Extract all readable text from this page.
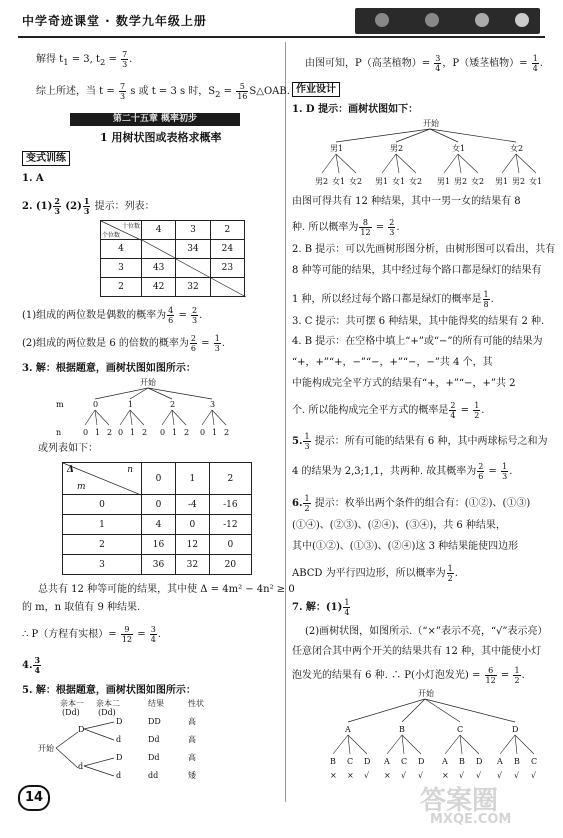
中学奇迹课堂 · 数学九年级上册
解得 $t_1 = 3$, $t_2 = \frac{7}{3}$ .
综上所述，当 $t = \frac{7}{3}$ s 或 t = 3 s 时，$S_2 = \frac{5}{16}$ S△OAB.
第二十五章 概率初步
1 用树状图或表格求概率
变式训练
1. A
2. $(1) \frac{2}{3} (2) \frac{1}{3}$ 提示：列表：
十位数
个位数	4	3	2
4		34	24
3	43		23
2	42	32	
(1)组成的两位数是偶数的概率为 $\frac{4}{6} = \frac{2}{3}$ .
(2)组成的两位数是 6 的倍数的概率为 $\frac{2}{6} = \frac{1}{3}$ .
3. 解：根据题意，画树状图如图所示：
开始
m
n
0	1	2	3
0 1 2 0 1 2 0 1 2 0 1 2
或列表如下：
Δ n
m	0	1	2
0	0	-4	-16
1	4	0	-12
2	16	12	0
3	36	32	20
总共有 12 种等可能的结果，其中使 Δ = 4m² − 4n² ≥ 0
的 m，n 取值有 9 种结果.
∴ P（方程有实根）= $\frac{9}{12} = \frac{3}{4}$ .
4. $\frac{3}{4}$
5. 解：根据题意，画树状图如图所示：
亲本一
(Dd)
亲本二
(Dd)
结果	性状
开始
D
d
D
d
D
d
DD
Dd
Dd
dd
高
高
高
矮
由图可知，P（高茎植物）= $\frac{3}{4}$ ，P（矮茎植物）= $\frac{1}{4}$ .
作业设计
1. D 提示：画树状图如下：
开始
男1	男2	女1	女2
男2 女1 女2 男1 女1 女2 男1 男2 女2 男1 男2 女1
由图可得共有 12 种结果，其中一男一女的结果有 8
种. 所以概率为 $\frac{8}{12} = \frac{2}{3}$ .
2. B 提示：可以先画树形图分析，由树形图可以看出，共有
8 种等可能的结果，其中经过每个路口都是绿灯的结果有
1 种，所以经过每个路口都是绿灯的概率是 $\frac{1}{8}$ .
3. C 提示：共可摆 6 种结果，其中能得奖的结果有 2 种.
4. B 提示：在空格中填上“+”或“−”的所有可能的结果为
“+，+”“+，−”“−，+”“−，−”共 4 个，其
中能构成完全平方式的结果有“+，+”“−，+”共 2
个. 所以能构成完全平方式的概率是 $\frac{2}{4} = \frac{1}{2}$ .
5. $\frac{1}{3}$ 提示：所有可能的结果有 6 种，其中两球标号之和为
4 的结果为 2,3;1,1，共两种. 故其概率为 $\frac{2}{6} = \frac{1}{3}$ .
6. $\frac{1}{2}$ 提示：枚举出两个条件的组合有：(①②)、(①③)
(①④)、(②③)、(②④)、(③④)，共 6 种结果，
其中(①②)、(①③)、(②④)这 3 种结果能使四边形
ABCD 为平行四边形，所以概率为 $\frac{1}{2}$ .
7. 解：$(1) \frac{1}{4}$
(2)画树状图，如图所示.（“×”表示不亮，“√”表示亮）
任意闭合其中两个开关的结果共有 12 种，其中能使小灯
泡发光的结果有 6 种. ∴ P(小灯泡发光) = $\frac{6}{12} = \frac{1}{2}$ .
开始
A	B	C	D
B C D A C D A B D A B C
× × √ × √ √ × √ √ √ √ √
14	答案圈
MXQE.COM
